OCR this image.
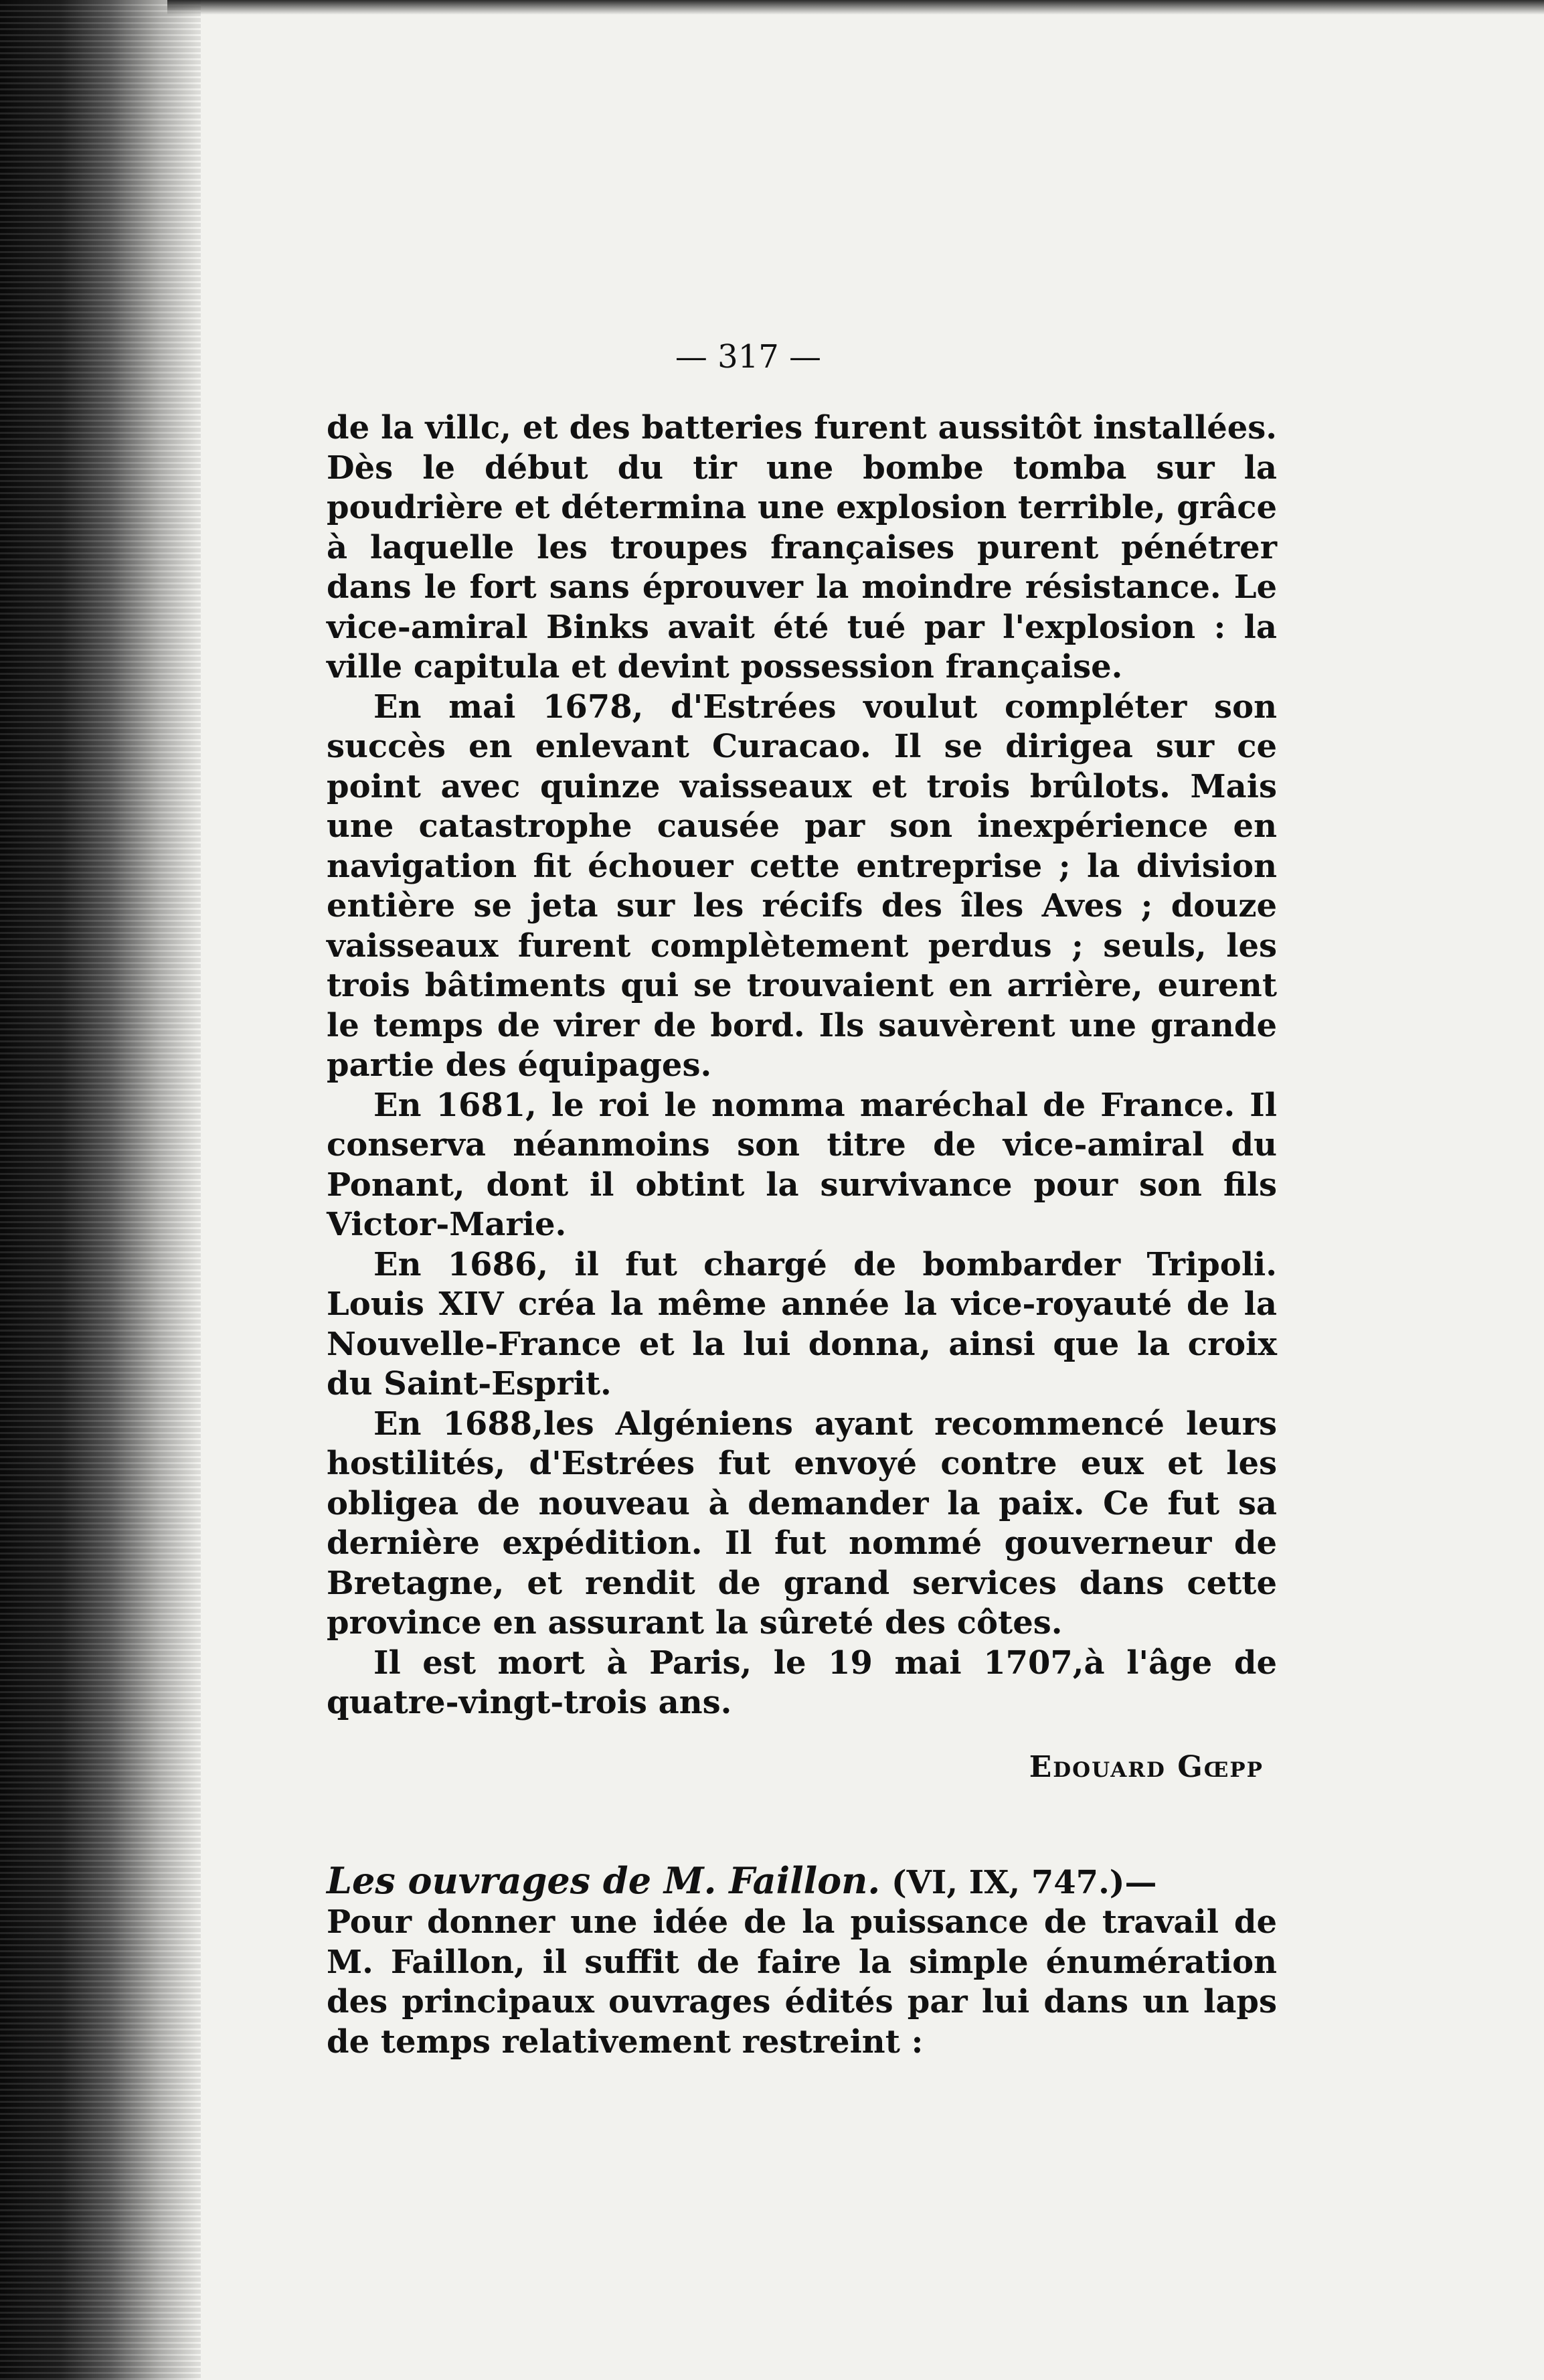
— 317 —

de la villc, et des batteries furent aussitôt installées. Dès le début du tir une bombe tomba sur la poudrière et détermina une explosion terrible, grâce à laquelle les troupes françaises purent pénétrer dans le fort sans éprouver la moindre résistance. Le vice-amiral Binks avait été tué par l'explosion : la ville capitula et devint possession française.

En mai 1678, d'Estrées voulut compléter son succès en enlevant Curacao. Il se dirigea sur ce point avec quinze vaisseaux et trois brûlots. Mais une catastrophe causée par son inexpérience en navigation fit échouer cette entreprise ; la division entière se jeta sur les récifs des îles Aves ; douze vaisseaux furent complètement perdus ; seuls, les trois bâtiments qui se trouvaient en arrière, eurent le temps de virer de bord. Ils sauvèrent une grande partie des équipages.

En 1681, le roi le nomma maréchal de France. Il conserva néanmoins son titre de vice-amiral du Ponant, dont il obtint la survivance pour son fils Victor-Marie.

En 1686, il fut chargé de bombarder Tripoli. Louis XIV créa la même année la vice-royauté de la Nouvelle-France et la lui donna, ainsi que la croix du Saint-Esprit.

En 1688,les Algéniens ayant recommencé leurs hostilités, d'Estrées fut envoyé contre eux et les obligea de nouveau à demander la paix. Ce fut sa dernière expédition. Il fut nommé gouverneur de Bretagne, et rendit de grand services dans cette province en assurant la sûreté des côtes.

Il est mort à Paris, le 19 mai 1707,à l'âge de quatre-vingt-trois ans.

Edouard Gœpp

Les ouvrages de M. Faillon. (VI, IX, 747.)—

Pour donner une idée de la puissance de travail de M. Faillon, il suffit de faire la simple énumération des principaux ouvrages édités par lui dans un laps de temps relativement restreint :
